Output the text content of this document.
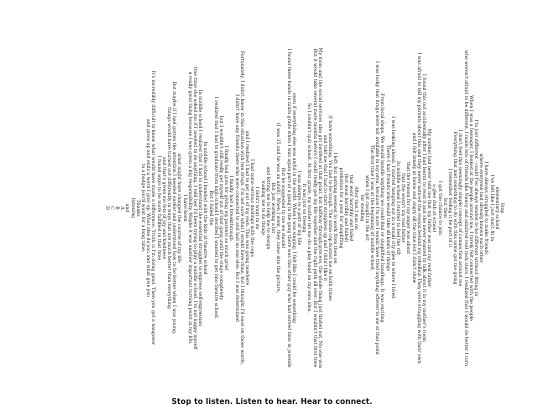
Stop
elementary school
I've felt like I just don't fit in
I have always struggled to make friends
where everyone had already known each other
I'm just different - could I've always tended to be different without fitting in
When I was a teenager, I looked at the people around me, I rarely felt connected with the people
who weren't afraid to be different. I made lots of friends like Nancy and admired real rock stars. I realized that I would do better I turn
I don't feel this seemingly simple concept of connection around me
Everything that had something to do with this some got me going
I remember feeling it be part of it
but then
I got the chance to join
a glee club at school
My mother had never told me that my father was not my real father
I found this out accidentally after I had learnt to read it and she never wanted to talk about it in my mother's room
I was afraid to tell my parents about this and they never noticed the reason behind my rebellion They were struggling with their own
and I felt lonely at home and angry all the time but I didn't show
that the reason for my anger was about
that the wasn't my real father
In middle school I started to feel the rift
I was looking ahead. I started hanging out in a small city glee to where I lived.
There I had friends who would take all kinds of things
From local shops. We would handle anything we could find or shoplifted handbags. It was exciting
I was lucky that drugs were not available in my area, because I'm sure I would have tried anything offered to me at that point
The first time I was at the beginning of middle school,
when I got caught in the act
for stealing
After that I was on
that went horribly and failed
(but went horribly and failed)
probation for a year for shoplifting
I left, but nothing seemed to work from then on
(I have something. You had to be tough. The same cop busted me on both times
and told me that I had to start straighten up and I didn't like it
My mom and the social services also got involved at that point, but halfway through process, the whole thing just fizzled out. No one was
But it would take several more months before I could really get my life together and the right path all over. But I wouldn't that first time
So I couldn't quit school. At first grade, my mother let me do a play band on my own idea.
It was just so freeing
I was always to a part of my life
even if everything else was awful in the world. When I was singing, I felt like I could be something
I found these bands in ninth grade when I was again part of a gang in the gang there was this other guy who had served time in juvenile
But he suggested to me we should
(I was 15 and he was an adult). When I went, they came into the picture,
But just working a lot
and letting me to help me to design
making me to do things
I didn't want to do
I had some serious dealings with the cops
and I realized I had to get out of my own. This was going nowhere
Fortunately, I didn't know in this situation with two drugs. I'm not sure what I would have done, but I thought I'd ease on those words,
I didn't have any friends there who were connected to and had no one else. But I was determined
I finally had a breakthrough
I finally had guts for giving my parents so much grief
but I wouldn't still really get myself out of that gang until the stage completely
I realized that I had to graduate from high school I decided I wanted to get into theatre school.
But I failed the
In middle school I bonded with the kids at theatre school
In middle school I realized that I had to understand the essential struggles to express self-expression
One time she asked me if I needed to do anything. I told her I'd been trying to play a middle school. I'm not happy myself
a really good thing because I was given a big responsibility. Maybe it was another important turning point in my life.
I have been
what might have changed the course of my life
But maybe if I had gotten the attention I needed earlier and understood how to be better when I was young,
things would have turned out differently in ways that are much better than everything
and that's given me lots of joy and kindness
I found ways to be more fulfilled in that time
It's incredibly difficult to know what would have made a difference. Truth is I'm doing good. Then you get a hangover
and gives up and ends a word I give up. What else do you and what give you
to a badge you'll want for a long time.
Thanks
listening
and
A
B
C
D
Stop to listen. Listen to hear. Hear to connect.
